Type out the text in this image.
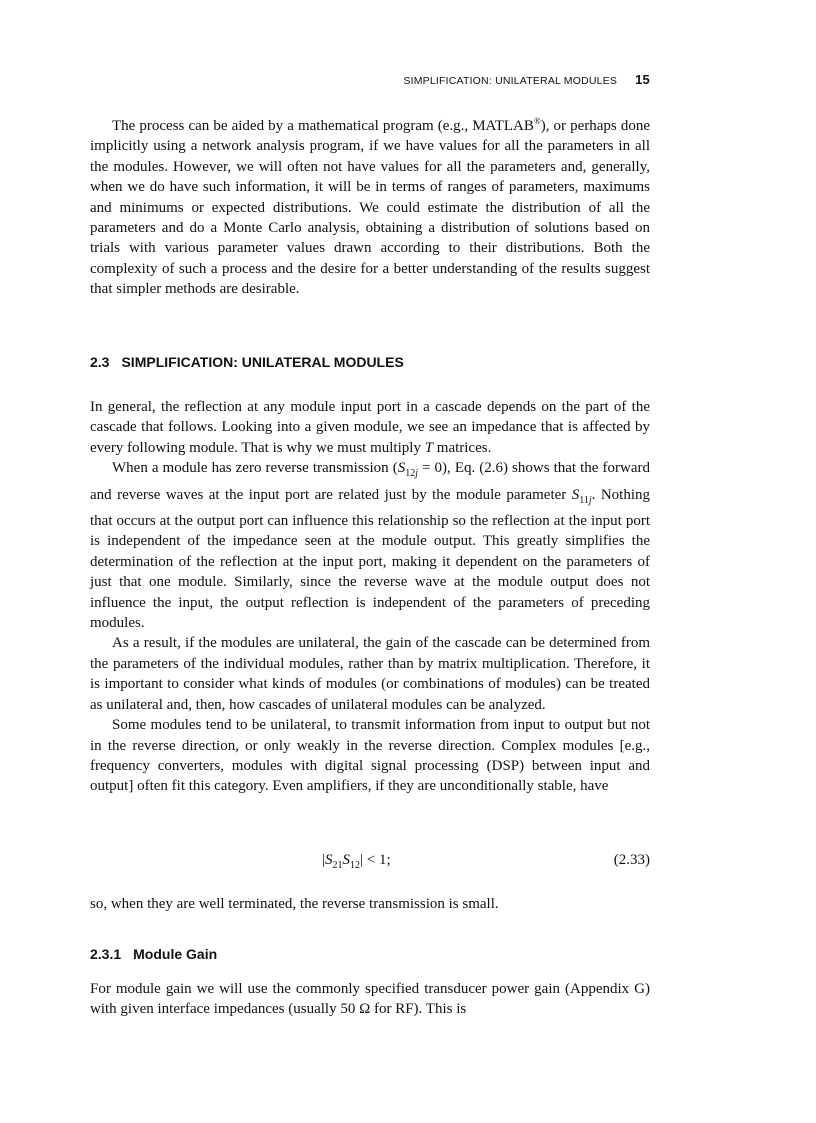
SIMPLIFICATION: UNILATERAL MODULES 15

The process can be aided by a mathematical program (e.g., MATLAB®), or perhaps done implicitly using a network analysis program, if we have values for all the parameters in all the modules. However, we will often not have values for all the parameters and, generally, when we do have such information, it will be in terms of ranges of parameters, maximums and minimums or expected distributions. We could estimate the distribution of all the parameters and do a Monte Carlo analysis, obtaining a distribution of solutions based on trials with various parameter values drawn according to their distributions. Both the complexity of such a process and the desire for a better understanding of the results suggest that simpler methods are desirable.

2.3 SIMPLIFICATION: UNILATERAL MODULES

In general, the reflection at any module input port in a cascade depends on the part of the cascade that follows. Looking into a given module, we see an impedance that is affected by every following module. That is why we must multiply T matrices.

When a module has zero reverse transmission $(S_{12j} = 0)$, Eq. (2.6) shows that the forward and reverse waves at the input port are related just by the module parameter $S_{11j}$. Nothing that occurs at the output port can influence this relationship so the reflection at the input port is independent of the impedance seen at the module output. This greatly simplifies the determination of the reflection at the input port, making it dependent on the parameters of just that one module. Similarly, since the reverse wave at the module output does not influence the input, the output reflection is independent of the parameters of preceding modules.

As a result, if the modules are unilateral, the gain of the cascade can be determined from the parameters of the individual modules, rather than by matrix multiplication. Therefore, it is important to consider what kinds of modules (or combinations of modules) can be treated as unilateral and, then, how cascades of unilateral modules can be analyzed.

Some modules tend to be unilateral, to transmit information from input to output but not in the reverse direction, or only weakly in the reverse direction. Complex modules [e.g., frequency converters, modules with digital signal processing (DSP) between input and output] often fit this category. Even amplifiers, if they are unconditionally stable, have

$|S_{21}S_{12}| < 1$;	(2.33)

so, when they are well terminated, the reverse transmission is small.

2.3.1 Module Gain

For module gain we will use the commonly specified transducer power gain (Appendix G) with given interface impedances (usually 50 Ω for RF). This is
